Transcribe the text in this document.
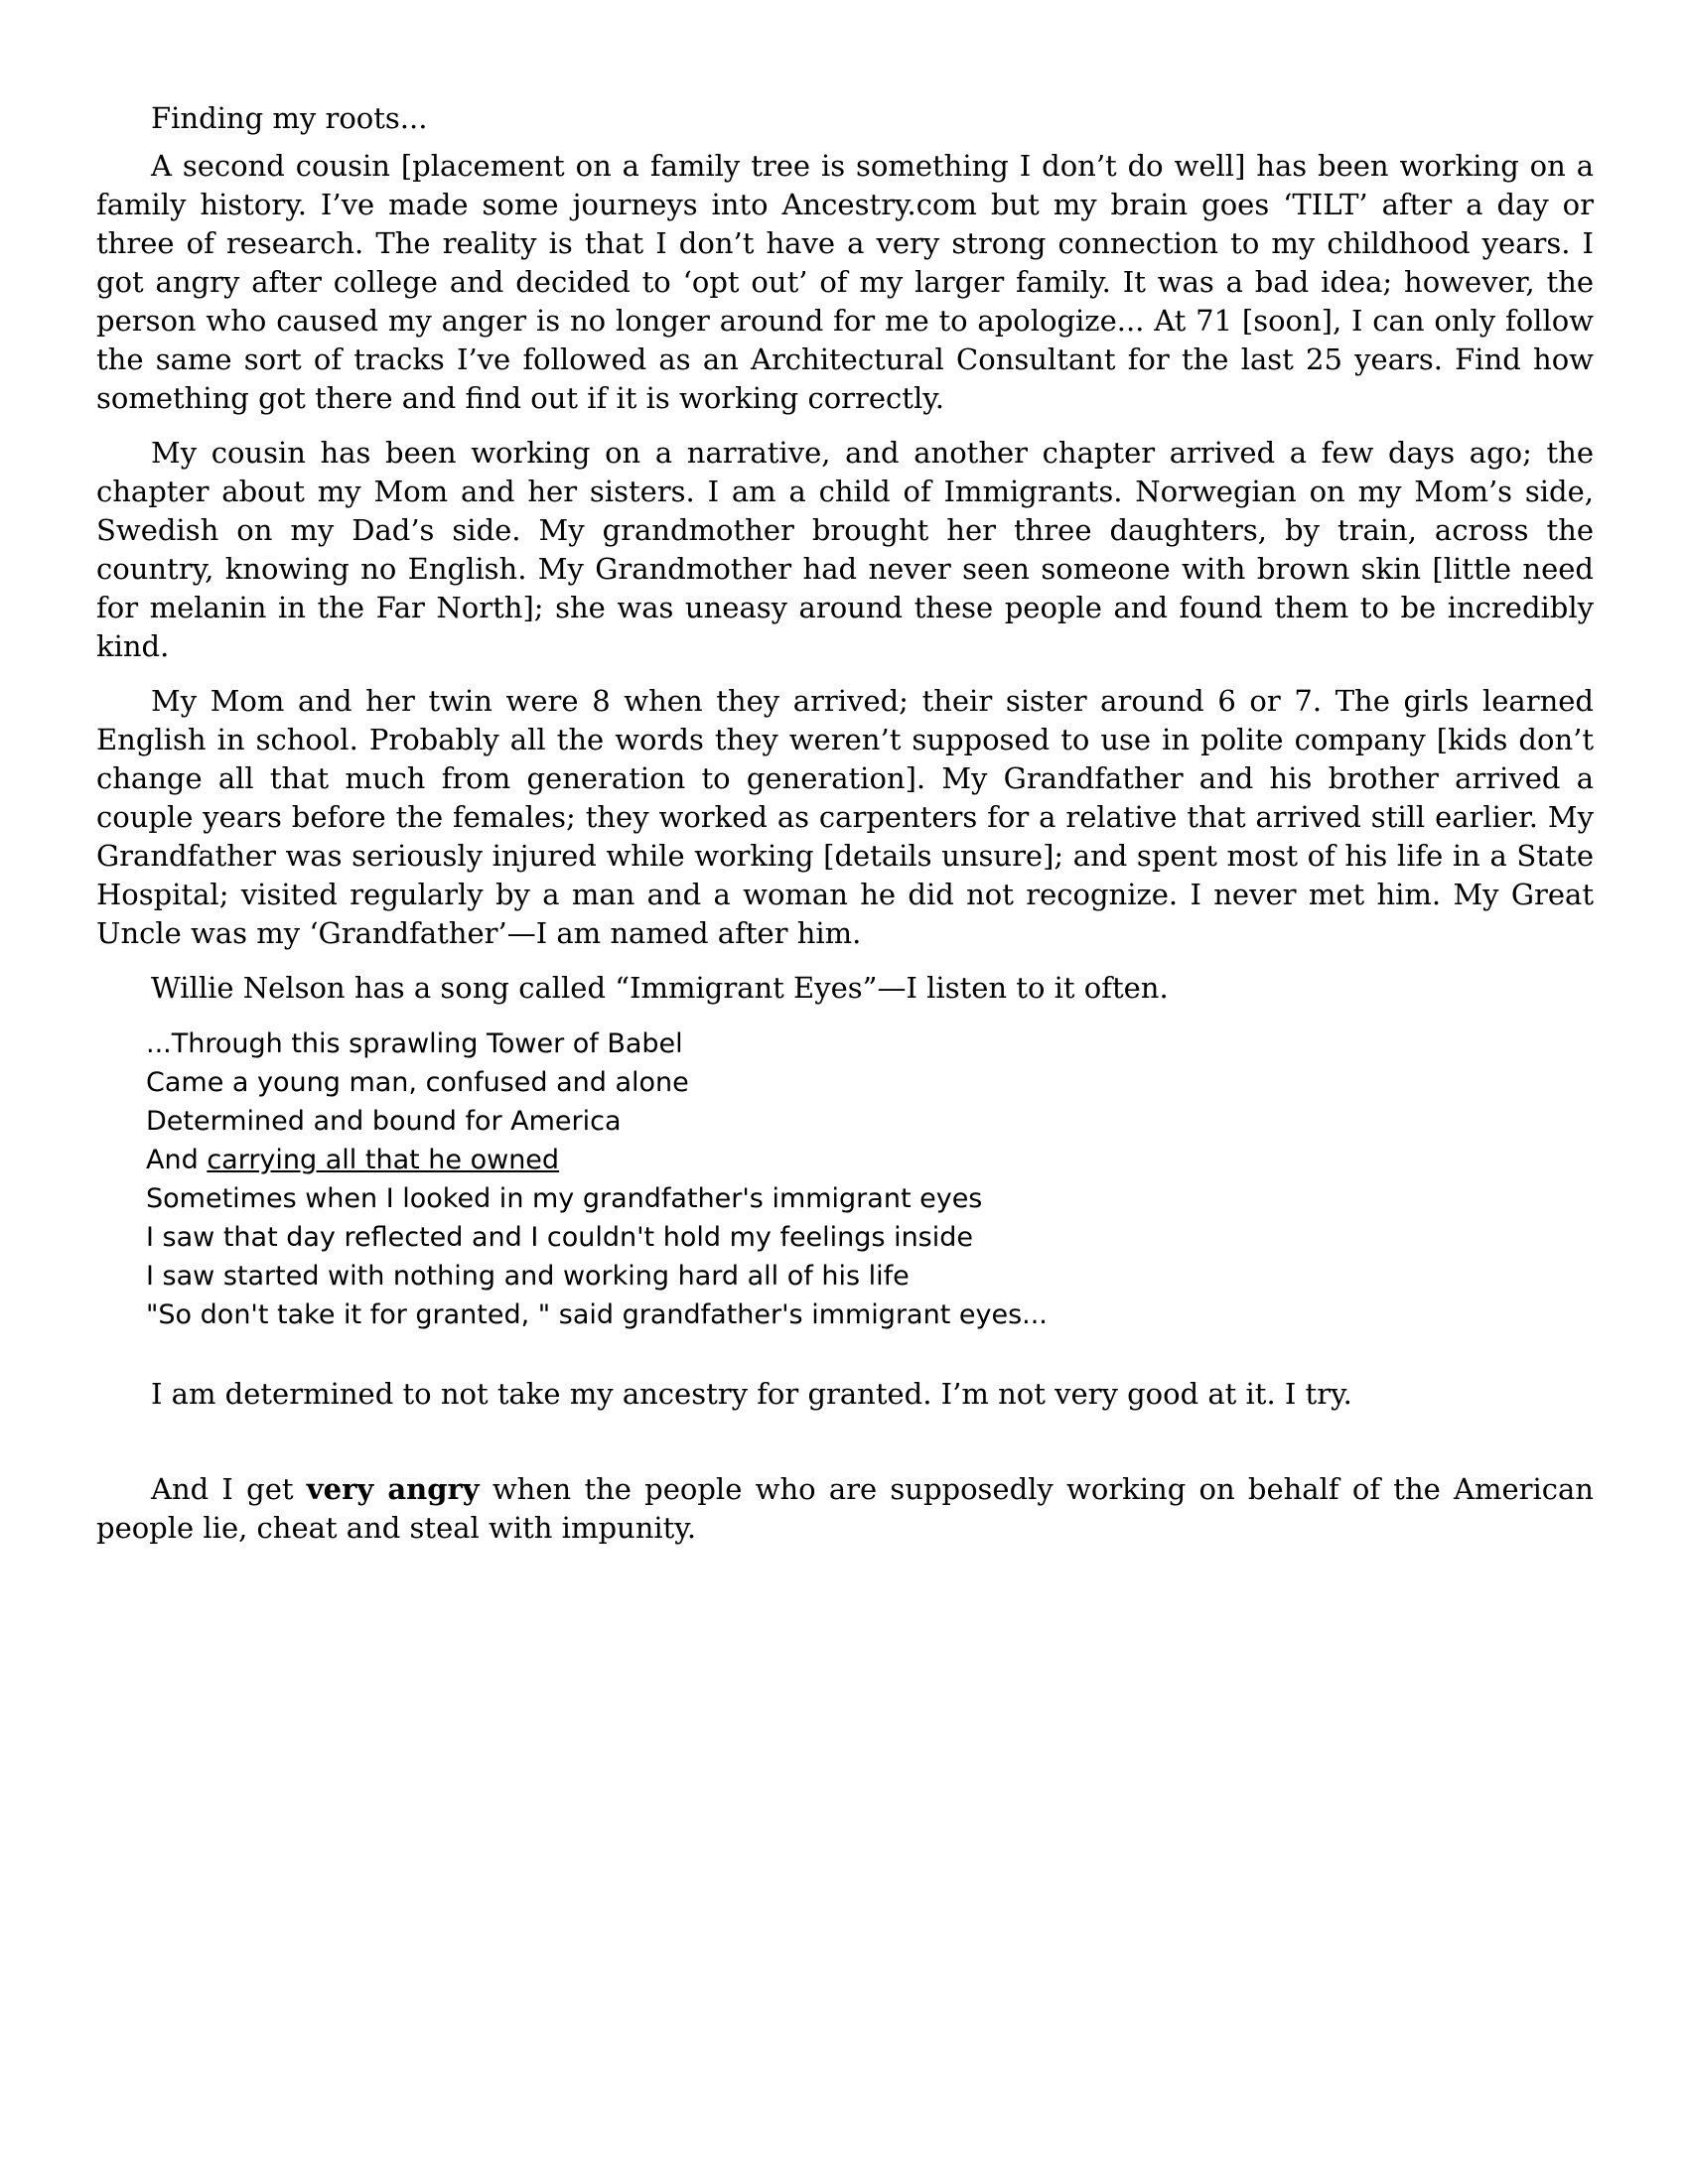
Finding my roots...

A second cousin [placement on a family tree is something I don’t do well] has been working on a family history. I’ve made some journeys into Ancestry.com but my brain goes ‘TILT’ after a day or three of research. The reality is that I don’t have a very strong connection to my childhood years. I got angry after college and decided to ‘opt out’ of my larger family. It was a bad idea; however, the person who caused my anger is no longer around for me to apologize... At 71 [soon], I can only follow the same sort of tracks I’ve followed as an Architectural Consultant for the last 25 years. Find how something got there and find out if it is working correctly.

My cousin has been working on a narrative, and another chapter arrived a few days ago; the chapter about my Mom and her sisters. I am a child of Immigrants. Norwegian on my Mom’s side, Swedish on my Dad’s side. My grandmother brought her three daughters, by train, across the country, knowing no English. My Grandmother had never seen someone with brown skin [little need for melanin in the Far North]; she was uneasy around these people and found them to be incredibly kind.

My Mom and her twin were 8 when they arrived; their sister around 6 or 7. The girls learned English in school. Probably all the words they weren’t supposed to use in polite company [kids don’t change all that much from generation to generation]. My Grandfather and his brother arrived a couple years before the females; they worked as carpenters for a relative that arrived still earlier. My Grandfather was seriously injured while working [details unsure]; and spent most of his life in a State Hospital; visited regularly by a man and a woman he did not recognize. I never met him. My Great Uncle was my ‘Grandfather’—I am named after him.

Willie Nelson has a song called “Immigrant Eyes”—I listen to it often.

...Through this sprawling Tower of Babel
Came a young man, confused and alone
Determined and bound for America
And carrying all that he owned
Sometimes when I looked in my grandfather's immigrant eyes
I saw that day reflected and I couldn't hold my feelings inside
I saw started with nothing and working hard all of his life
"So don't take it for granted, " said grandfather's immigrant eyes...

I am determined to not take my ancestry for granted. I’m not very good at it. I try.

And I get very angry when the people who are supposedly working on behalf of the American people lie, cheat and steal with impunity.
